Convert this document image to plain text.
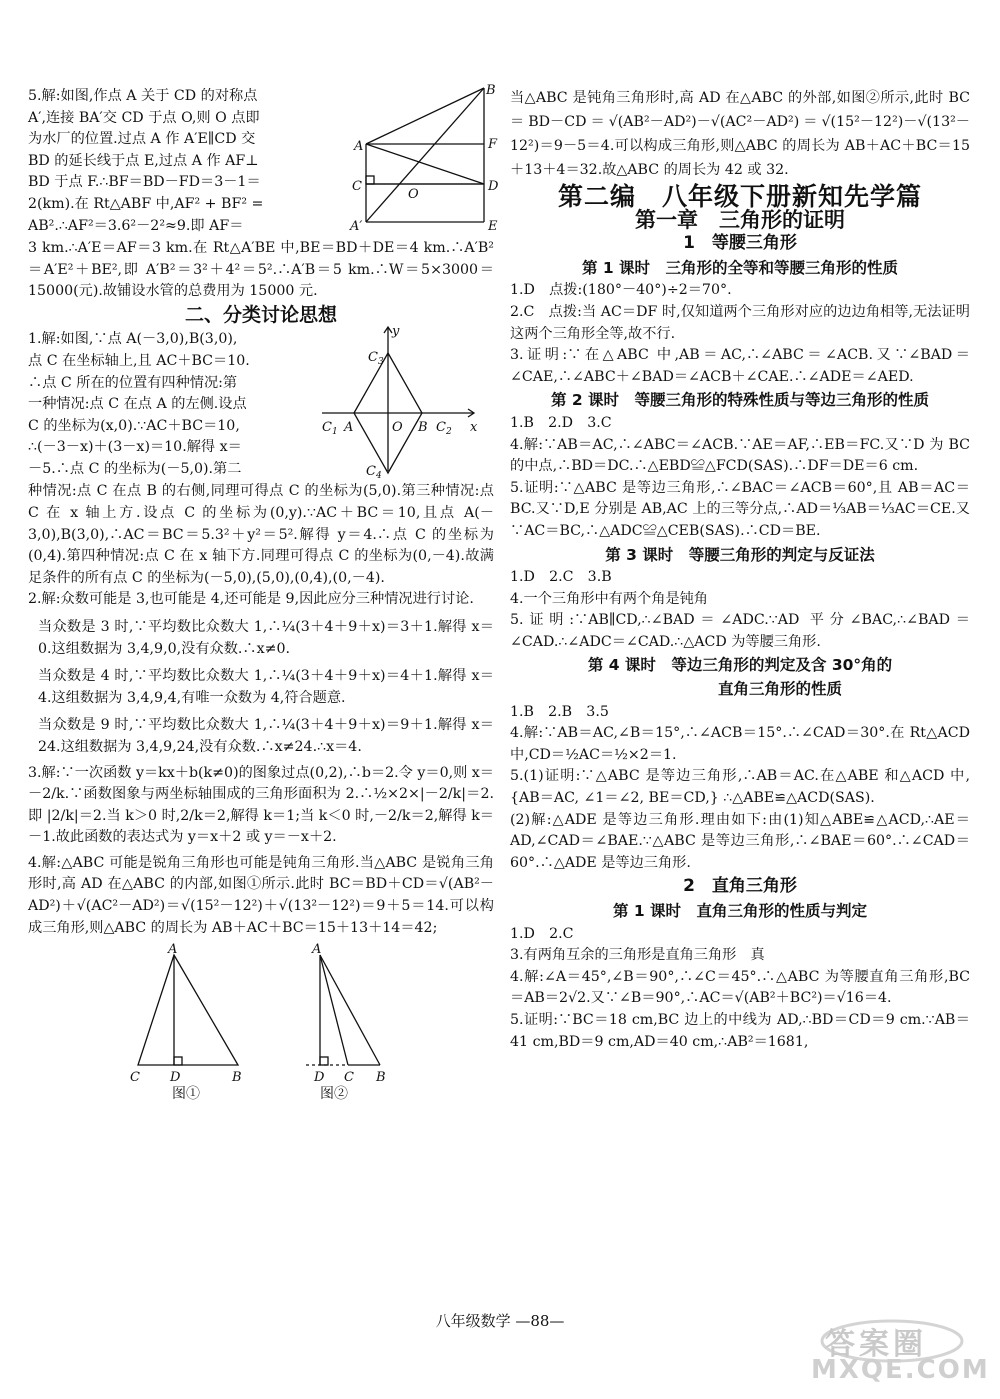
5.解:如图,作点 A 关于 CD 的对称点

A′,连接 BA′交 CD 于点 O,则 O 点即

为水厂的位置.过点 A 作 A′E∥CD 交

BD 的延长线于点 E,过点 A 作 AF⊥

BD 于点 F.∴BF＝BD－FD＝3－1＝

2(km).在 Rt△ABF 中,AF² + BF² =

AB².∴AF²＝3.6²－2²≈9.即 AF＝

B
A	F
C
O
D
A′	E

3 km.∴A′E＝AF＝3 km.在 Rt△A′BE 中,BE＝BD＋DE＝4 km.∴A′B²＝A′E²＋BE²,即 A′B²＝3²＋4²＝5².∴A′B＝5 km.∴W＝5×3000＝15000(元).故铺设水管的总费用为 15000 元.

二、分类讨论思想

1.解:如图,∵点 A(－3,0),B(3,0),

点 C 在坐标轴上,且 AC＋BC＝10.

∴点 C 所在的位置有四种情况:第

一种情况:点 C 在点 A 的左侧.设点

C 的坐标为(x,0).∵AC＋BC＝10,

∴(－3－x)＋(3－x)＝10.解得 x＝

－5.∴点 C 的坐标为(－5,0).第二

y
$C_3$
$C_1$ A	O B $C_2$ x
$C_4$

种情况:点 C 在点 B 的右侧,同理可得点 C 的坐标为(5,0).第三种情况:点 C 在 x 轴上方.设点 C 的坐标为(0,y).∵AC＋BC＝10,且点 A(－3,0),B(3,0),∴AC＝BC＝5.3²＋y²＝5².解得 y＝4.∴点 C 的坐标为(0,4).第四种情况:点 C 在 x 轴下方.同理可得点 C 的坐标为(0,－4).故满足条件的所有点 C 的坐标为(－5,0),(5,0),(0,4),(0,－4).

2.解:众数可能是 3,也可能是 4,还可能是 9,因此应分三种情况进行讨论.

当众数是 3 时,∵平均数比众数大 1,∴¼(3＋4＋9＋x)＝3＋1.解得 x＝0.这组数据为 3,4,9,0,没有众数.∴x≠0.

当众数是 4 时,∵平均数比众数大 1,∴¼(3＋4＋9＋x)＝4＋1.解得 x＝4.这组数据为 3,4,9,4,有唯一众数为 4,符合题意.

当众数是 9 时,∵平均数比众数大 1,∴¼(3＋4＋9＋x)＝9＋1.解得 x＝24.这组数据为 3,4,9,24,没有众数.∴x≠24.∴x＝4.

3.解:∵一次函数 y＝kx＋b(k≠0)的图象过点(0,2),∴b＝2.令 y＝0,则 x＝－2/k.∵函数图象与两坐标轴围成的三角形面积为 2.∴½×2×|－2/k|＝2.即 |2/k|＝2.当 k＞0 时,2/k＝2,解得 k＝1;当 k＜0 时,－2/k＝2,解得 k＝－1.故此函数的表达式为 y＝x＋2 或 y＝－x＋2.

4.解:△ABC 可能是锐角三角形也可能是钝角三角形.当△ABC 是锐角三角形时,高 AD 在△ABC 的内部,如图①所示.此时 BC＝BD＋CD＝√(AB²－AD²)＋√(AC²－AD²)＝√(15²－12²)＋√(13²－12²)＝9＋5＝14.可以构成三角形,则△ABC 的周长为 AB＋AC＋BC＝15＋13＋14＝42;

A
C D	B
图①
A
D C B
图②

当△ABC 是钝角三角形时,高 AD 在△ABC 的外部,如图②所示,此时 BC＝BD－CD＝√(AB²－AD²)－√(AC²－AD²)＝√(15²－12²)－√(13²－12²)＝9－5＝4.可以构成三角形,则△ABC 的周长为 AB＋AC＋BC＝15＋13＋4＝32.故△ABC 的周长为 42 或 32.

第二编　八年级下册新知先学篇
第一章　三角形的证明
1　等腰三角形
第 1 课时　三角形的全等和等腰三角形的性质

1.D　点拨:(180°－40°)÷2＝70°.

2.C　点拨:当 AC＝DF 时,仅知道两个三角形对应的边边角相等,无法证明这两个三角形全等,故不行.

3.证明:∵在△ABC 中,AB＝AC,∴∠ABC＝∠ACB.又∵∠BAD＝∠CAE,∴∠ABC＋∠BAD＝∠ACB＋∠CAE.∴∠ADE＝∠AED.

第 2 课时　等腰三角形的特殊性质与等边三角形的性质

1.B　2.D　3.C

4.解:∵AB＝AC,∴∠ABC＝∠ACB.∵AE＝AF,∴EB＝FC.又∵D 为 BC 的中点,∴BD＝DC.∴△EBD≌△FCD(SAS).∴DF＝DE＝6 cm.

5.证明:∵△ABC 是等边三角形,∴∠BAC＝∠ACB＝60°,且 AB＝AC＝BC.又∵D,E 分别是 AB,AC 上的三等分点,∴AD＝⅓AB＝⅓AC＝CE.又∵AC＝BC,∴△ADC≌△CEB(SAS).∴CD＝BE.

第 3 课时　等腰三角形的判定与反证法

1.D　2.C　3.B

4.一个三角形中有两个角是钝角

5.证明:∵AB∥CD,∴∠BAD＝∠ADC.∵AD 平分∠BAC,∴∠BAD＝∠CAD.∴∠ADC＝∠CAD.∴△ACD 为等腰三角形.

第 4 课时　等边三角形的判定及含 30°角的
直角三角形的性质

1.B　2.B　3.5

4.解:∵AB＝AC,∠B＝15°,∴∠ACB＝15°.∴∠CAD＝30°.在 Rt△ACD 中,CD＝½AC＝½×2＝1.

5.(1)证明:∵△ABC 是等边三角形,∴AB＝AC.在△ABE 和△ACD 中,{AB＝AC, ∠1＝∠2, BE＝CD,} ∴△ABE≌△ACD(SAS).

(2)解:△ADE 是等边三角形.理由如下:由(1)知△ABE≌△ACD,∴AE＝AD,∠CAD＝∠BAE.∵△ABC 是等边三角形,∴∠BAE＝60°.∴∠CAD＝60°.∴△ADE 是等边三角形.

2　直角三角形
第 1 课时　直角三角形的性质与判定

1.D　2.C

3.有两角互余的三角形是直角三角形　真

4.解:∠A＝45°,∠B＝90°,∴∠C＝45°.∴△ABC 为等腰直角三角形,BC＝AB＝2√2.又∵∠B＝90°,∴AC＝√(AB²＋BC²)＝√16＝4.

5.证明:∵BC＝18 cm,BC 边上的中线为 AD,∴BD＝CD＝9 cm.∵AB＝41 cm,BD＝9 cm,AD＝40 cm,∴AB²＝1681,

八年级数学 —88—
答案圈
MXQE.COM
